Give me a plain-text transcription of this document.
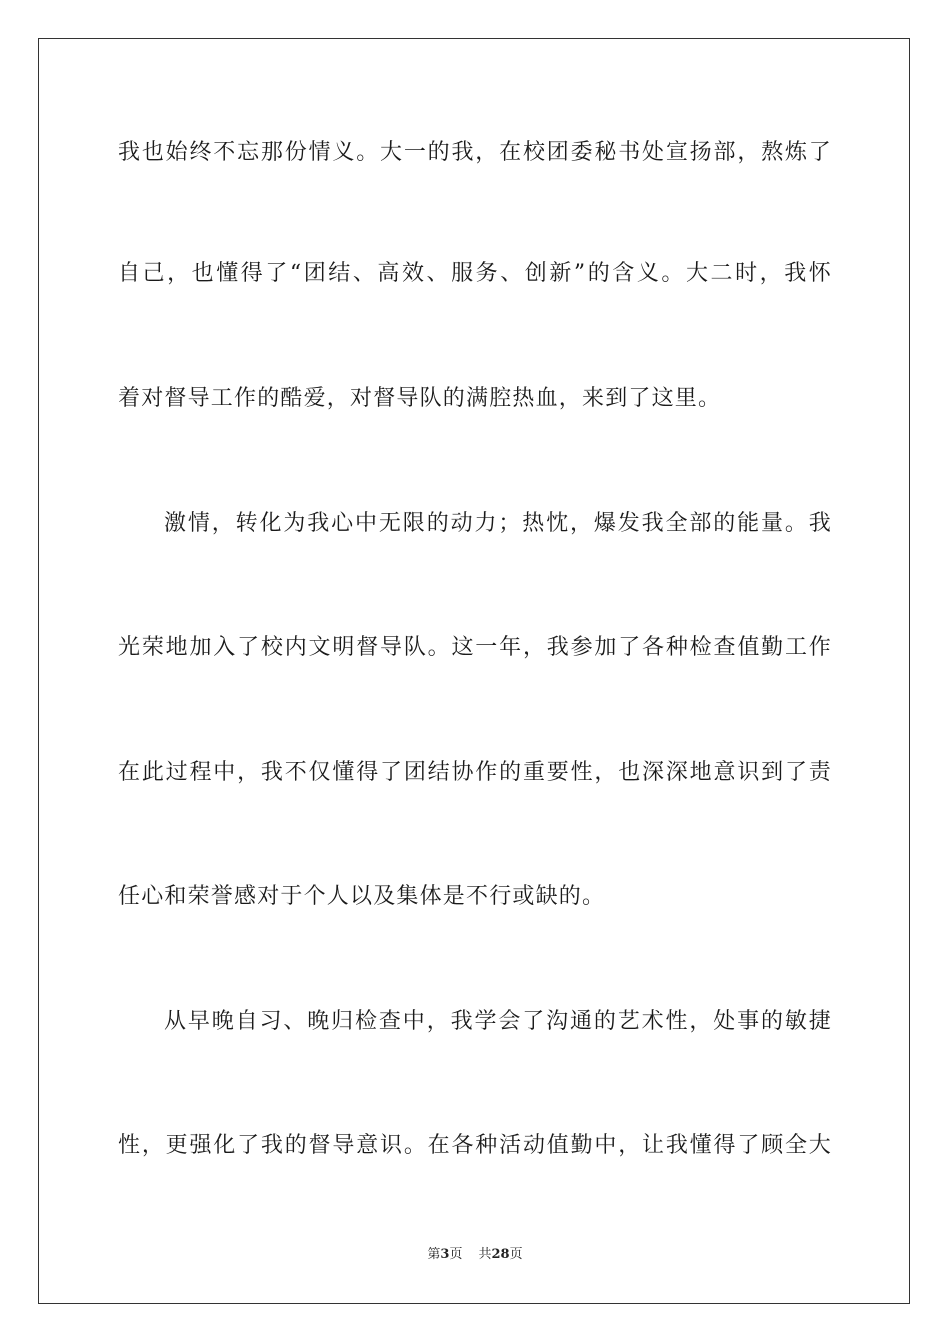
我也始终不忘那份情义。大一的我，在校团委秘书处宣扬部，熬炼了
自己，也懂得了“团结、高效、服务、创新”的含义。大二时，我怀
着对督导工作的酷爱，对督导队的满腔热血，来到了这里。
激情，转化为我心中无限的动力；热忱，爆发我全部的能量。我
光荣地加入了校内文明督导队。这一年，我参加了各种检查值勤工作
在此过程中，我不仅懂得了团结协作的重要性，也深深地意识到了责
任心和荣誉感对于个人以及集体是不行或缺的。
从早晚自习、晚归检查中，我学会了沟通的艺术性，处事的敏捷
性，更强化了我的督导意识。在各种活动值勤中，让我懂得了顾全大
第3页 共28页
